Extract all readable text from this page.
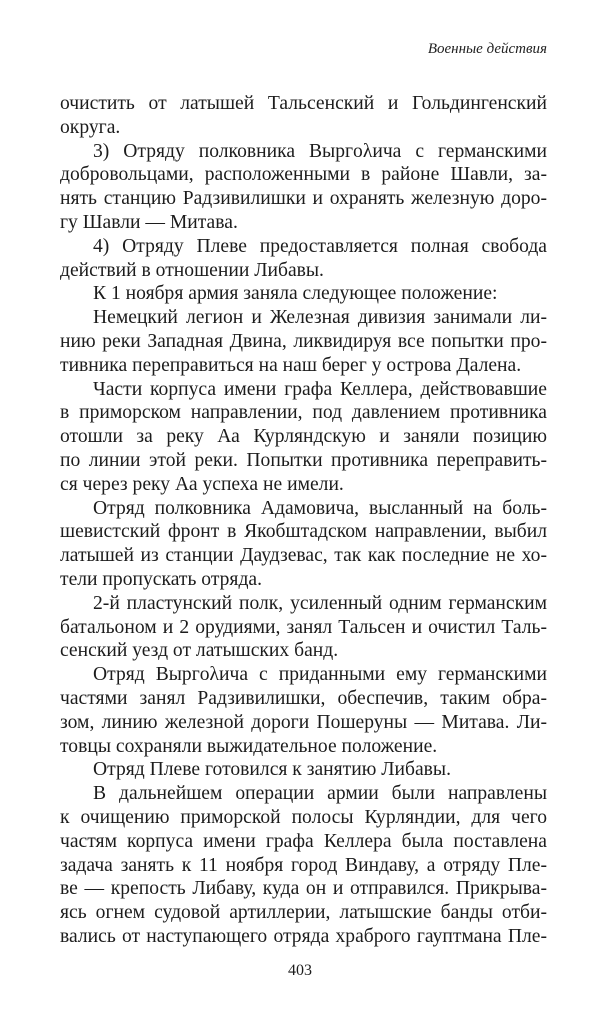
Военные действия
очистить от латышей Тальсенский и Гольдингенский
округа.
3) Отряду полковника Выргολича с германскими
добровольцами, расположенными в районе Шавли, за-
нять станцию Радзивилишки и охранять железную доро-
гу Шавли — Митава.
4) Отряду Плеве предоставляется полная свобода
действий в отношении Либавы.
К 1 ноября армия заняла следующее положение:
Немецкий легион и Железная дивизия занимали ли-
нию реки Западная Двина, ликвидируя все попытки про-
тивника переправиться на наш берег у острова Далена.
Части корпуса имени графа Келлера, действовавшие
в приморском направлении, под давлением противника
отошли за реку Аа Курляндскую и заняли позицию
по линии этой реки. Попытки противника переправить-
ся через реку Аа успеха не имели.
Отряд полковника Адамовича, высланный на боль-
шевистский фронт в Якобштадском направлении, выбил
латышей из станции Даудзевас, так как последние не хо-
тели пропускать отряда.
2-й пластунский полк, усиленный одним германским
батальоном и 2 орудиями, занял Тальсен и очистил Таль-
сенский уезд от латышских банд.
Отряд Выргολича с приданными ему германскими
частями занял Радзивилишки, обеспечив, таким обра-
зом, линию железной дороги Пошеруны — Митава. Ли-
товцы сохраняли выжидательное положение.
Отряд Плеве готовился к занятию Либавы.
В дальнейшем операции армии были направлены
к очищению приморской полосы Курляндии, для чего
частям корпуса имени графа Келлера была поставлена
задача занять к 11 ноября город Виндаву, а отряду Пле-
ве — крепость Либаву, куда он и отправился. Прикрыва-
ясь огнем судовой артиллерии, латышские банды отби-
вались от наступающего отряда храброго гауптмана Пле-
403
